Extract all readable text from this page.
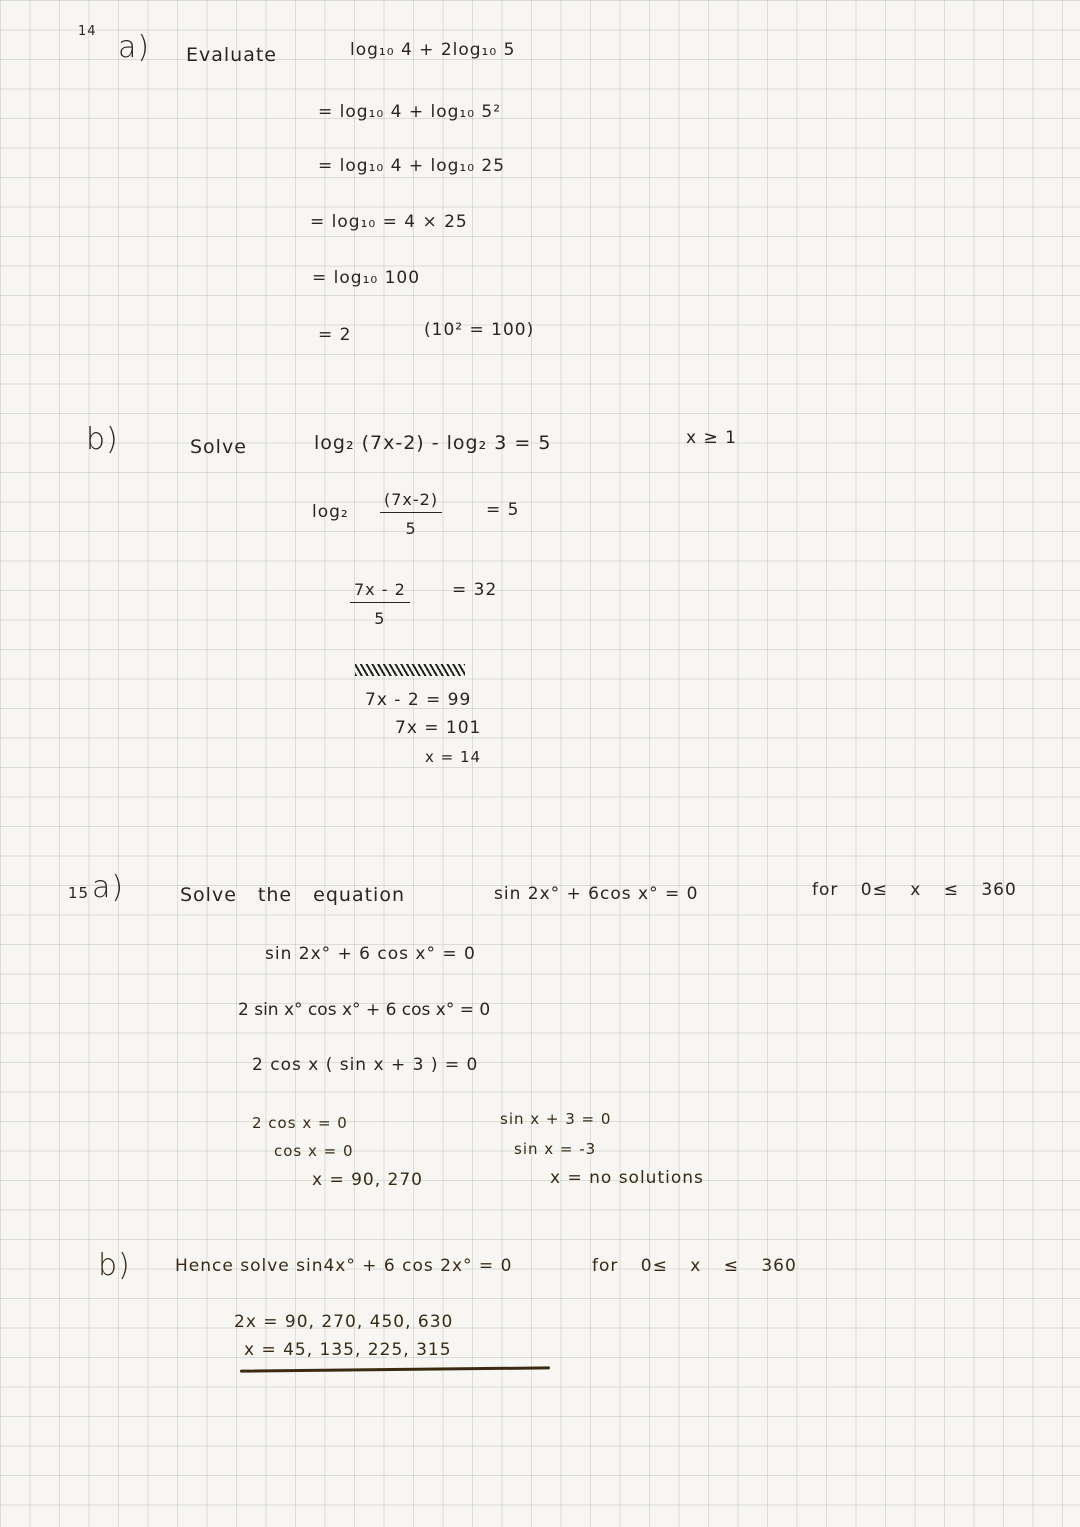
14 a) Evaluate	log₁₀ 4 + 2log₁₀ 5
= log₁₀ 4 + log₁₀ 5²
= log₁₀ 4 + log₁₀ 25
= log₁₀ = 4 × 25
= log₁₀ 100
= 2	(10² = 100)
b)	Solve	log₂ (7x-2) - log₂ 3 = 5	x ≥ 1
$\log_2 \frac{(7x-2)}{5}$	= 5
$\frac{7x - 2}{5} = 32$
7x - 2 = 99
7x = 101
x = 14
15 a)	Solve the equation	sin 2x° + 6cos x° = 0	for 0≤ x ≤ 360
sin 2x° + 6 cos x° = 0
2 sin x° cos x° + 6 cos x° = 0
2 cos x ( sin x + 3 ) = 0
2 cos x = 0
cos x = 0
x = 90, 270
sin x + 3 = 0
sin x = -3
x = no solutions
b)	Hence solve sin4x° + 6 cos 2x° = 0	for 0≤ x ≤ 360
2x = 90, 270, 450, 630
x = 45, 135, 225, 315
